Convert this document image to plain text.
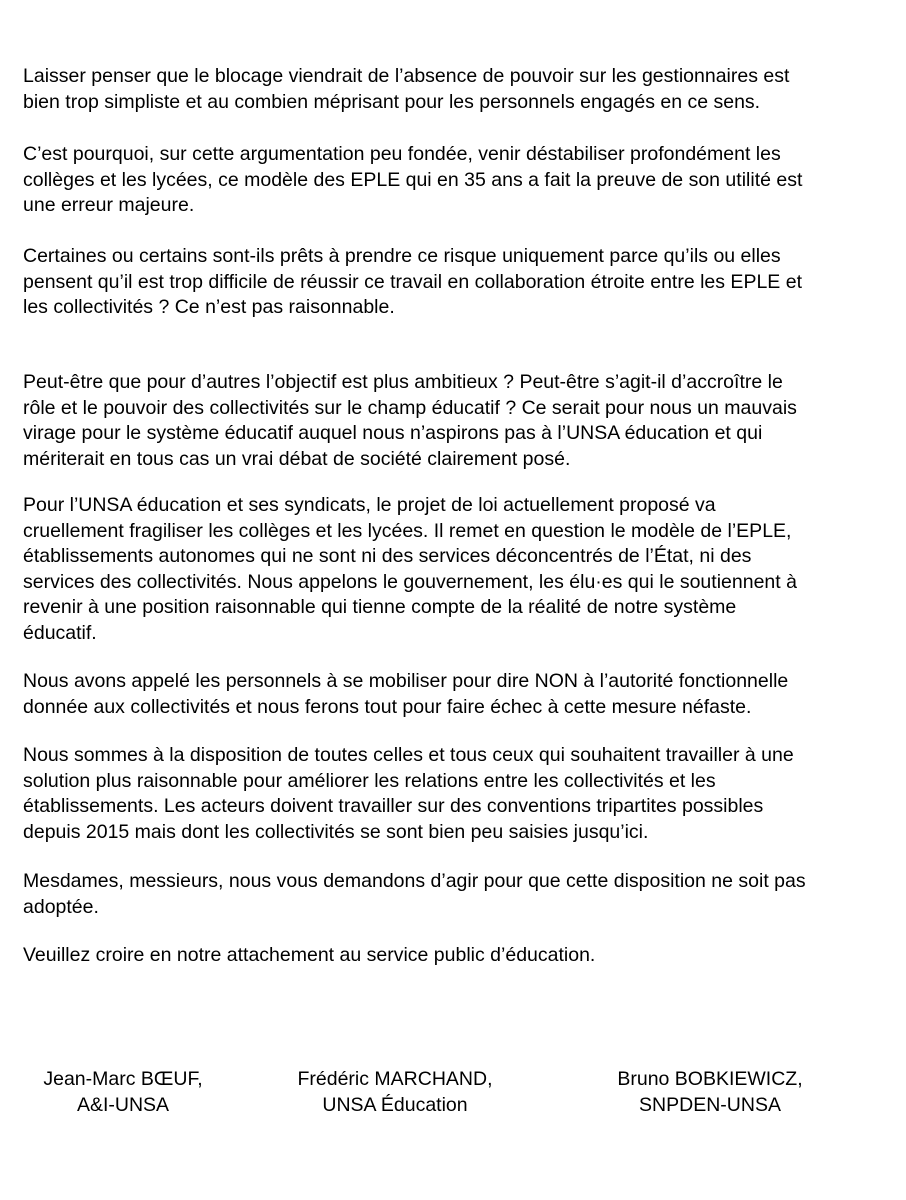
Laisser penser que le blocage viendrait de l’absence de pouvoir sur les gestionnaires est
bien trop simpliste et au combien méprisant pour les personnels engagés en ce sens.

C’est pourquoi, sur cette argumentation peu fondée, venir déstabiliser profondément les
collèges et les lycées, ce modèle des EPLE qui en 35 ans a fait la preuve de son utilité est
une erreur majeure.

Certaines ou certains sont-ils prêts à prendre ce risque uniquement parce qu’ils ou elles
pensent qu’il est trop difficile de réussir ce travail en collaboration étroite entre les EPLE et
les collectivités ? Ce n’est pas raisonnable.

Peut-être que pour d’autres l’objectif est plus ambitieux ? Peut-être s’agit-il d’accroître le
rôle et le pouvoir des collectivités sur le champ éducatif ? Ce serait pour nous un mauvais
virage pour le système éducatif auquel nous n’aspirons pas à l’UNSA éducation et qui
mériterait en tous cas un vrai débat de société clairement posé.

Pour l’UNSA éducation et ses syndicats, le projet de loi actuellement proposé va
cruellement fragiliser les collèges et les lycées. Il remet en question le modèle de l’EPLE,
établissements autonomes qui ne sont ni des services déconcentrés de l’État, ni des
services des collectivités. Nous appelons le gouvernement, les élu·es qui le soutiennent à
revenir à une position raisonnable qui tienne compte de la réalité de notre système
éducatif.

Nous avons appelé les personnels à se mobiliser pour dire NON à l’autorité fonctionnelle
donnée aux collectivités et nous ferons tout pour faire échec à cette mesure néfaste.

Nous sommes à la disposition de toutes celles et tous ceux qui souhaitent travailler à une
solution plus raisonnable pour améliorer les relations entre les collectivités et les
établissements. Les acteurs doivent travailler sur des conventions tripartites possibles
depuis 2015 mais dont les collectivités se sont bien peu saisies jusqu’ici.

Mesdames, messieurs, nous vous demandons d’agir pour que cette disposition ne soit pas
adoptée.

Veuillez croire en notre attachement au service public d’éducation.

Jean-Marc BŒUF,
A&I-UNSA
Frédéric MARCHAND,
UNSA Éducation
Bruno BOBKIEWICZ,
SNPDEN-UNSA
